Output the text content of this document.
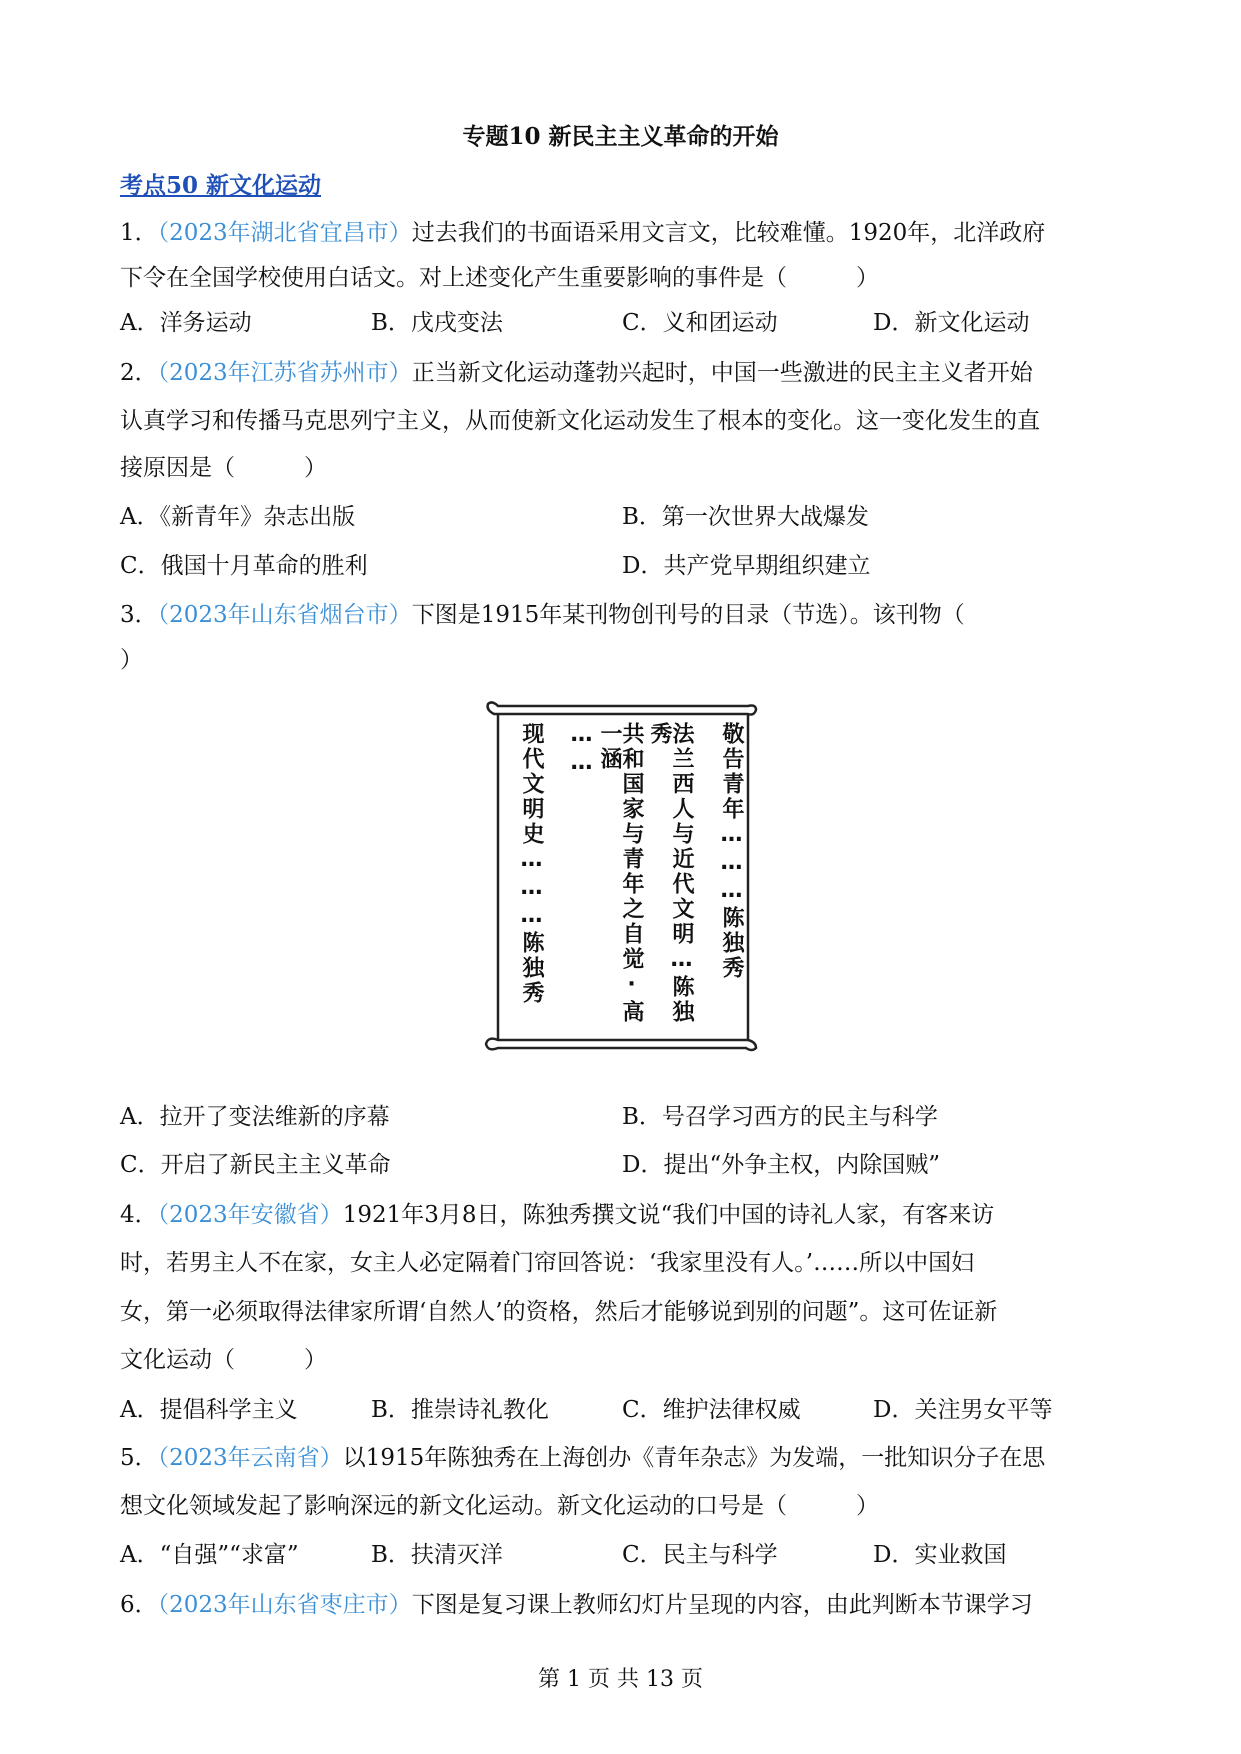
专题10 新民主主义革命的开始
考点50 新文化运动
1．（2023年湖北省宜昌市）过去我们的书面语采用文言文，比较难懂。1920年，北洋政府
下令在全国学校使用白话文。对上述变化产生重要影响的事件是（　　　）
A．洋务运动	B．戊戌变法	C．义和团运动	D．新文化运动
2．（2023年江苏省苏州市）正当新文化运动蓬勃兴起时，中国一些激进的民主主义者开始
认真学习和传播马克思列宁主义，从而使新文化运动发生了根本的变化。这一变化发生的直
接原因是（　　　）
A．《新青年》杂志出版	B．第一次世界大战爆发
C．俄国十月革命的胜利	D．共产党早期组织建立
3．（2023年山东省烟台市）下图是1915年某刊物创刊号的目录（节选）。该刊物（
）
敬告青年………陈独秀
法兰西人与近代文明…陈独秀
共和国家与青年之自觉·高一涵
……
现代文明史………陈独秀
A．拉开了变法维新的序幕	B．号召学习西方的民主与科学
C．开启了新民主主义革命	D．提出“外争主权，内除国贼”
4．（2023年安徽省）1921年3月8日，陈独秀撰文说“我们中国的诗礼人家，有客来访
时，若男主人不在家，女主人必定隔着门帘回答说：‘我家里没有人。’……所以中国妇
女，第一必须取得法律家所谓‘自然人’的资格，然后才能够说到别的问题”。这可佐证新
文化运动（　　　）
A．提倡科学主义	B．推崇诗礼教化	C．维护法律权威	D．关注男女平等
5．（2023年云南省）以1915年陈独秀在上海创办《青年杂志》为发端，一批知识分子在思
想文化领域发起了影响深远的新文化运动。新文化运动的口号是（　　　）
A．“自强”“求富”	B．扶清灭洋	C．民主与科学	D．实业救国
6．（2023年山东省枣庄市）下图是复习课上教师幻灯片呈现的内容，由此判断本节课学习
第 1 页 共 13 页
